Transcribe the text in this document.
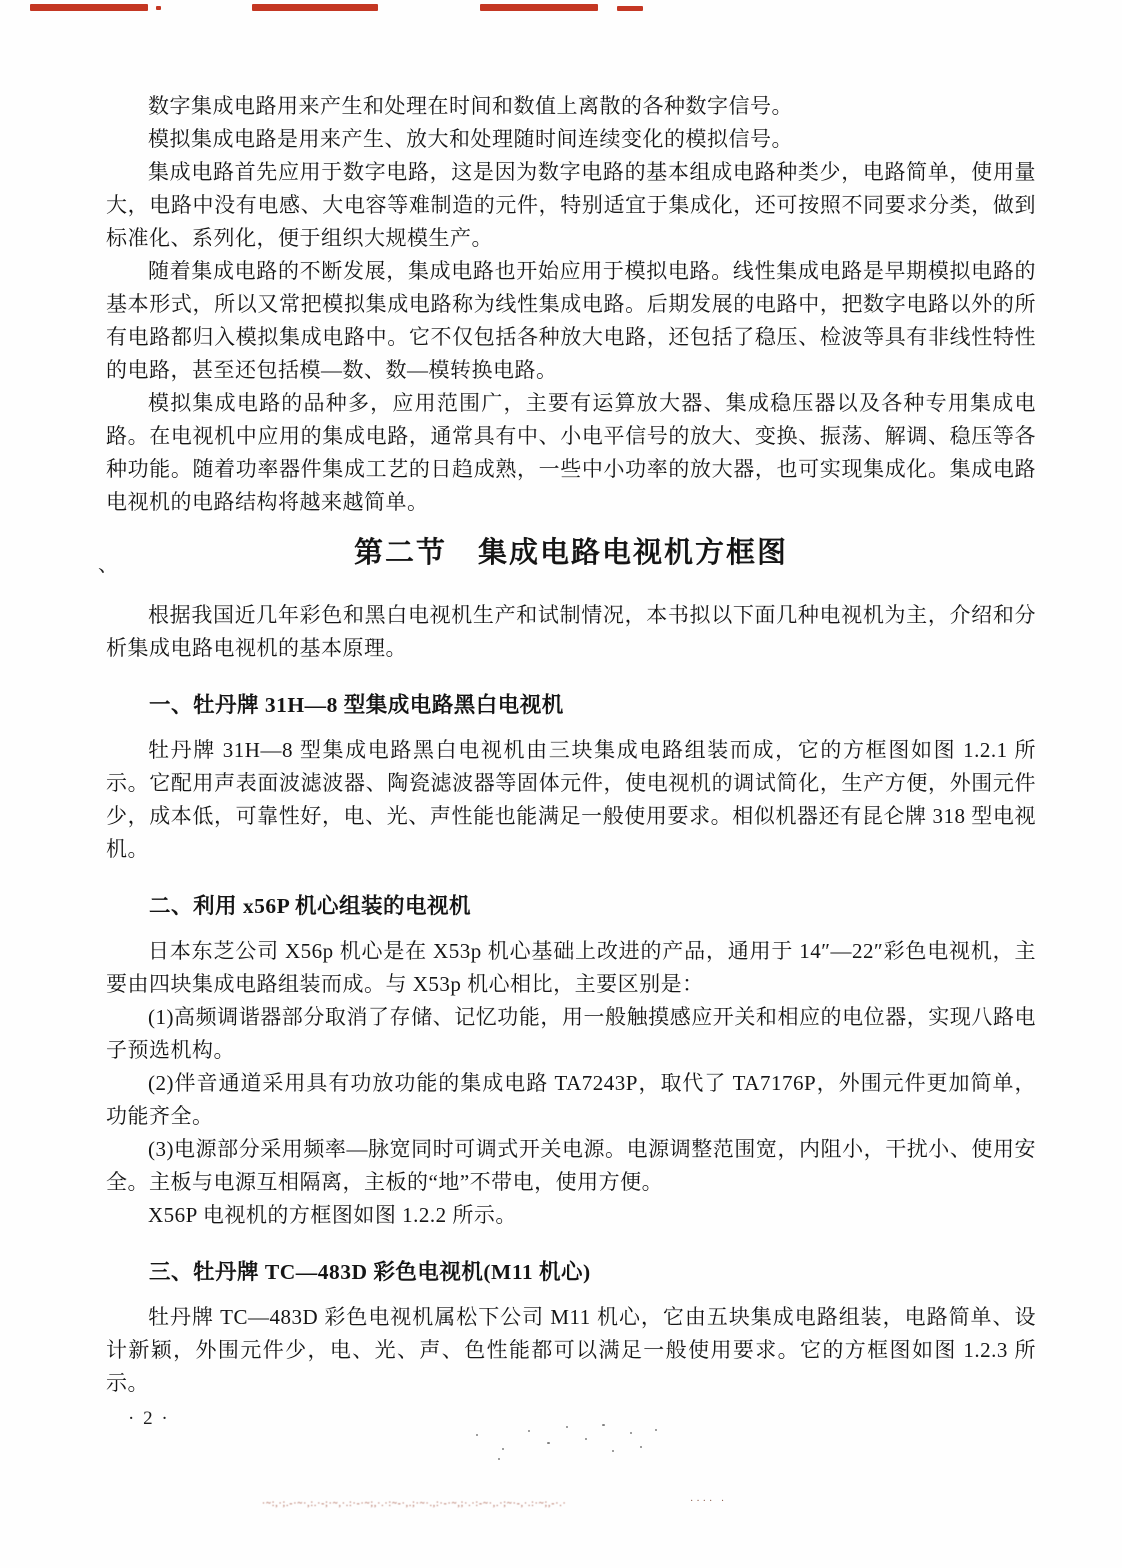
、

数字集成电路用来产生和处理在时间和数值上离散的各种数字信号。

模拟集成电路是用来产生、放大和处理随时间连续变化的模拟信号。

集成电路首先应用于数字电路，这是因为数字电路的基本组成电路种类少，电路简单，使用量大，电路中没有电感、大电容等难制造的元件，特别适宜于集成化，还可按照不同要求分类，做到标准化、系列化，便于组织大规模生产。

随着集成电路的不断发展，集成电路也开始应用于模拟电路。线性集成电路是早期模拟电路的基本形式，所以又常把模拟集成电路称为线性集成电路。后期发展的电路中，把数字电路以外的所有电路都归入模拟集成电路中。它不仅包括各种放大电路，还包括了稳压、检波等具有非线性特性的电路，甚至还包括模—数、数—模转换电路。

模拟集成电路的品种多，应用范围广，主要有运算放大器、集成稳压器以及各种专用集成电路。在电视机中应用的集成电路，通常具有中、小电平信号的放大、变换、振荡、解调、稳压等各种功能。随着功率器件集成工艺的日趋成熟，一些中小功率的放大器，也可实现集成化。集成电路电视机的电路结构将越来越简单。

第二节　集成电路电视机方框图

根据我国近几年彩色和黑白电视机生产和试制情况，本书拟以下面几种电视机为主，介绍和分析集成电路电视机的基本原理。

一、牡丹牌 31H—8 型集成电路黑白电视机

牡丹牌 31H—8 型集成电路黑白电视机由三块集成电路组装而成，它的方框图如图 1.2.1 所示。它配用声表面波滤波器、陶瓷滤波器等固体元件，使电视机的调试简化，生产方便，外围元件少，成本低，可靠性好，电、光、声性能也能满足一般使用要求。相似机器还有昆仑牌 318 型电视机。

二、利用 x56P 机心组装的电视机

日本东芝公司 X56p 机心是在 X53p 机心基础上改进的产品，通用于 14″—22″彩色电视机，主要由四块集成电路组装而成。与 X53p 机心相比，主要区别是：

(1)高频调谐器部分取消了存储、记忆功能，用一般触摸感应开关和相应的电位器，实现八路电子预选机构。

(2)伴音通道采用具有功放功能的集成电路 TA7243P，取代了 TA7176P，外围元件更加简单，功能齐全。

(3)电源部分采用频率—脉宽同时可调式开关电源。电源调整范围宽，内阻小，干扰小、使用安全。主板与电源互相隔离，主板的“地”不带电，使用方便。

X56P 电视机的方框图如图 1.2.2 所示。

三、牡丹牌 TC—483D 彩色电视机(M11 机心)

牡丹牌 TC—483D 彩色电视机属松下公司 M11 机心，它由五块集成电路组装，电路简单、设计新颖，外围元件少，电、光、声、色性能都可以满足一般使用要求。它的方框图如图 1.2.3 所示。

· 2 ·
·~:,·;.-·~·,:.·-;·~,·.:·-·~;,·.·:~-·,.;·~·.,:·-·~,;·.·:-~·,.·;~·-,·.:·~;,-·.·	···· ·
